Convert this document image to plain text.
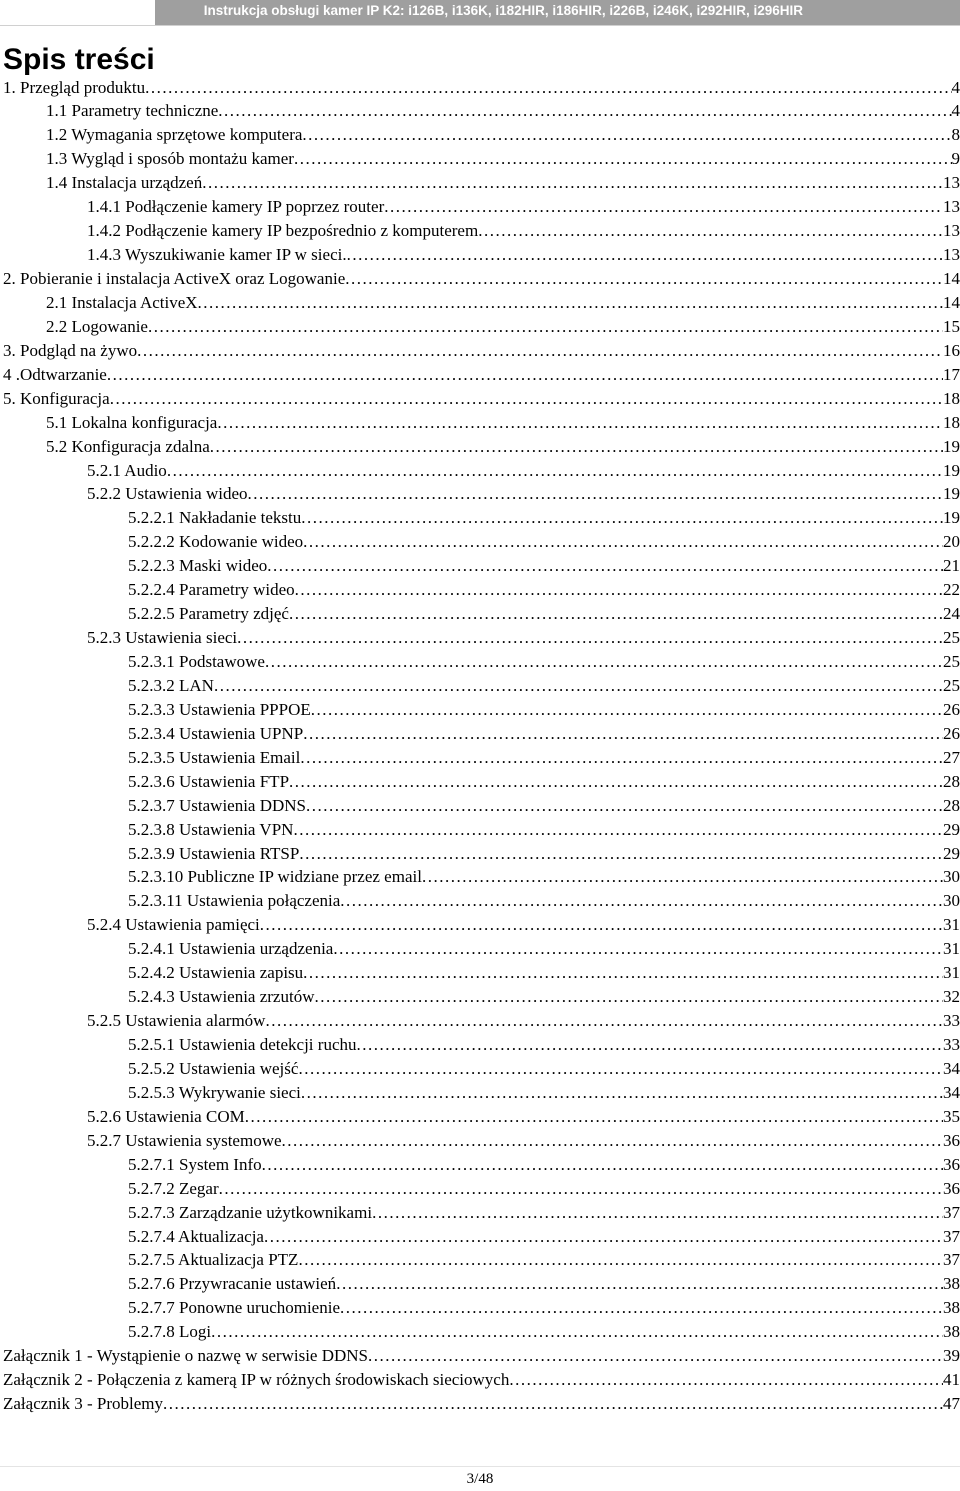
Instrukcja obsługi kamer IP K2: i126B, i136K, i182HIR, i186HIR, i226B, i246K, i292HIR, i296HIR
Spis treści
1. Przegląd produktu .....	4
1.1 Parametry techniczne .....	4
1.2 Wymagania sprzętowe komputera .....	8
1.3 Wygląd i sposób montażu kamer .....	9
1.4 Instalacja urządzeń .....	13
1.4.1 Podłączenie kamery IP poprzez router .....	13
1.4.2 Podłączenie kamery IP bezpośrednio z komputerem .....	13
1.4.3 Wyszukiwanie kamer IP w sieci. .....	13
2. Pobieranie i instalacja ActiveX oraz Logowanie .....	14
2.1 Instalacja ActiveX .....	14
2.2 Logowanie .....	15
3. Podgląd na żywo .....	16
4 .Odtwarzanie .....	17
5. Konfiguracja .....	18
5.1 Lokalna konfiguracja .....	18
5.2 Konfiguracja zdalna .....	19
5.2.1 Audio .....	19
5.2.2 Ustawienia wideo .....	19
5.2.2.1 Nakładanie tekstu .....	19
5.2.2.2 Kodowanie wideo .....	20
5.2.2.3 Maski wideo .....	21
5.2.2.4 Parametry wideo .....	22
5.2.2.5 Parametry zdjęć .....	24
5.2.3 Ustawienia sieci .....	25
5.2.3.1 Podstawowe .....	25
5.2.3.2 LAN .....	25
5.2.3.3 Ustawienia PPPOE .....	26
5.2.3.4 Ustawienia UPNP .....	26
5.2.3.5 Ustawienia Email .....	27
5.2.3.6 Ustawienia FTP .....	28
5.2.3.7 Ustawienia DDNS .....	28
5.2.3.8 Ustawienia VPN .....	29
5.2.3.9 Ustawienia RTSP .....	29
5.2.3.10 Publiczne IP widziane przez email .....	30
5.2.3.11 Ustawienia połączenia .....	30
5.2.4 Ustawienia pamięci .....	31
5.2.4.1 Ustawienia urządzenia .....	31
5.2.4.2 Ustawienia zapisu .....	31
5.2.4.3 Ustawienia zrzutów .....	32
5.2.5 Ustawienia alarmów .....	33
5.2.5.1 Ustawienia detekcji ruchu .....	33
5.2.5.2 Ustawienia wejść .....	34
5.2.5.3 Wykrywanie sieci .....	34
5.2.6 Ustawienia COM .....	35
5.2.7 Ustawienia systemowe .....	36
5.2.7.1 System Info .....	36
5.2.7.2 Zegar .....	36
5.2.7.3 Zarządzanie użytkownikami .....	37
5.2.7.4 Aktualizacja .....	37
5.2.7.5 Aktualizacja PTZ .....	37
5.2.7.6 Przywracanie ustawień .....	38
5.2.7.7 Ponowne uruchomienie .....	38
5.2.7.8 Logi .....	38
Załącznik 1 - Wystąpienie o nazwę w serwisie DDNS .....	39
Załącznik 2 - Połączenia z kamerą IP w różnych środowiskach sieciowych .....	41
Załącznik 3 - Problemy .....	47
3/48
